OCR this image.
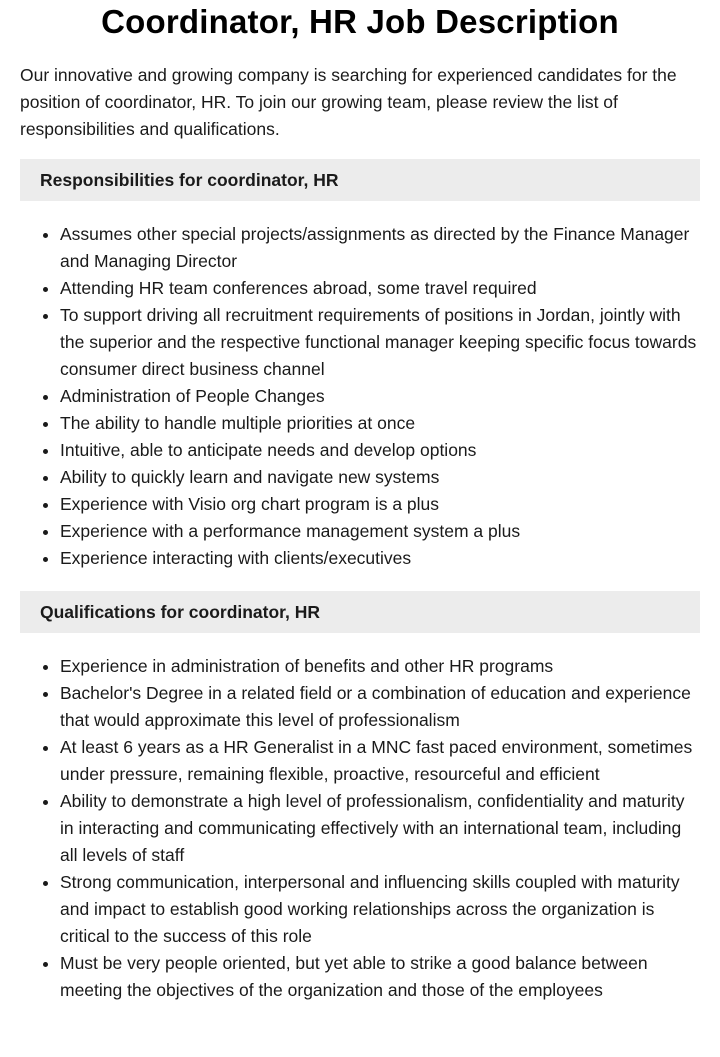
Coordinator, HR Job Description

Our innovative and growing company is searching for experienced candidates for the position of coordinator, HR. To join our growing team, please review the list of responsibilities and qualifications.

Responsibilities for coordinator, HR
• Assumes other special projects/assignments as directed by the Finance Manager and Managing Director
• Attending HR team conferences abroad, some travel required
• To support driving all recruitment requirements of positions in Jordan, jointly with the superior and the respective functional manager keeping specific focus towards consumer direct business channel
• Administration of People Changes
• The ability to handle multiple priorities at once
• Intuitive, able to anticipate needs and develop options
• Ability to quickly learn and navigate new systems
• Experience with Visio org chart program is a plus
• Experience with a performance management system a plus
• Experience interacting with clients/executives
Qualifications for coordinator, HR
• Experience in administration of benefits and other HR programs
• Bachelor's Degree in a related field or a combination of education and experience that would approximate this level of professionalism
• At least 6 years as a HR Generalist in a MNC fast paced environment, sometimes under pressure, remaining flexible, proactive, resourceful and efficient
• Ability to demonstrate a high level of professionalism, confidentiality and maturity in interacting and communicating effectively with an international team, including all levels of staff
• Strong communication, interpersonal and influencing skills coupled with maturity and impact to establish good working relationships across the organization is critical to the success of this role
• Must be very people oriented, but yet able to strike a good balance between meeting the objectives of the organization and those of the employees
